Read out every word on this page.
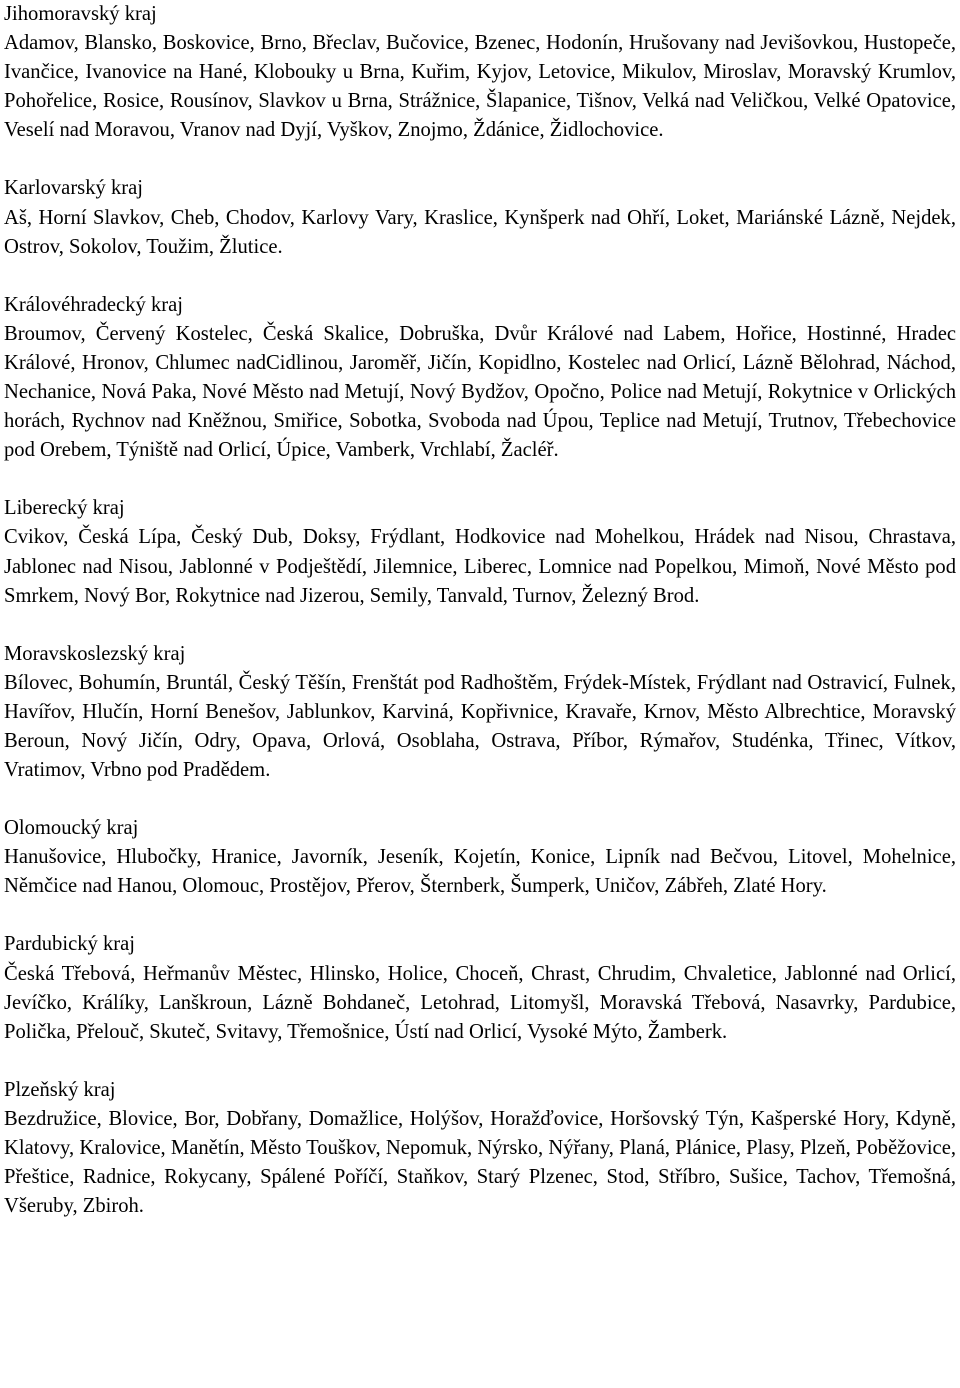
Jihomoravský kraj

Adamov, Blansko, Boskovice, Brno, Břeclav, Bučovice, Bzenec, Hodonín, Hrušovany nad Jevišovkou, Hustopeče, Ivančice, Ivanovice na Hané, Klobouky u Brna, Kuřim, Kyjov, Letovice, Mikulov, Miroslav, Moravský Krumlov, Pohořelice, Rosice, Rousínov, Slavkov u Brna, Strážnice, Šlapanice, Tišnov, Velká nad Veličkou, Velké Opatovice, Veselí nad Moravou, Vranov nad Dyjí, Vyškov, Znojmo, Ždánice, Židlochovice.

Karlovarský kraj

Aš, Horní Slavkov, Cheb, Chodov, Karlovy Vary, Kraslice, Kynšperk nad Ohří, Loket, Mariánské Lázně, Nejdek, Ostrov, Sokolov, Toužim, Žlutice.

Královéhradecký kraj

Broumov, Červený Kostelec, Česká Skalice, Dobruška, Dvůr Králové nad Labem, Hořice, Hostinné, Hradec Králové, Hronov, Chlumec nadCidlinou, Jaroměř, Jičín, Kopidlno, Kostelec nad Orlicí, Lázně Bělohrad, Náchod, Nechanice, Nová Paka, Nové Město nad Metují, Nový Bydžov, Opočno, Police nad Metují, Rokytnice v Orlických horách, Rychnov nad Kněžnou, Smiřice, Sobotka, Svoboda nad Úpou, Teplice nad Metují, Trutnov, Třebechovice pod Orebem, Týniště nad Orlicí, Úpice, Vamberk, Vrchlabí, Žacléř.

Liberecký kraj

Cvikov, Česká Lípa, Český Dub, Doksy, Frýdlant, Hodkovice nad Mohelkou, Hrádek nad Nisou, Chrastava, Jablonec nad Nisou, Jablonné v Podještědí, Jilemnice, Liberec, Lomnice nad Popelkou, Mimoň, Nové Město pod Smrkem, Nový Bor, Rokytnice nad Jizerou, Semily, Tanvald, Turnov, Železný Brod.

Moravskoslezský kraj

Bílovec, Bohumín, Bruntál, Český Těšín, Frenštát pod Radhoštěm, Frýdek-Místek, Frýdlant nad Ostravicí, Fulnek, Havířov, Hlučín, Horní Benešov, Jablunkov, Karviná, Kopřivnice, Kravaře, Krnov, Město Albrechtice, Moravský Beroun, Nový Jičín, Odry, Opava, Orlová, Osoblaha, Ostrava, Příbor, Rýmařov, Studénka, Třinec, Vítkov, Vratimov, Vrbno pod Pradědem.

Olomoucký kraj

Hanušovice, Hlubočky, Hranice, Javorník, Jeseník, Kojetín, Konice, Lipník nad Bečvou, Litovel, Mohelnice, Němčice nad Hanou, Olomouc, Prostějov, Přerov, Šternberk, Šumperk, Uničov, Zábřeh, Zlaté Hory.

Pardubický kraj

Česká Třebová, Heřmanův Městec, Hlinsko, Holice, Choceň, Chrast, Chrudim, Chvaletice, Jablonné nad Orlicí, Jevíčko, Králíky, Lanškroun, Lázně Bohdaneč, Letohrad, Litomyšl, Moravská Třebová, Nasavrky, Pardubice, Polička, Přelouč, Skuteč, Svitavy, Třemošnice, Ústí nad Orlicí, Vysoké Mýto, Žamberk.

Plzeňský kraj

Bezdružice, Blovice, Bor, Dobřany, Domažlice, Holýšov, Horažďovice, Horšovský Týn, Kašperské Hory, Kdyně, Klatovy, Kralovice, Manětín, Město Touškov, Nepomuk, Nýrsko, Nýřany, Planá, Plánice, Plasy, Plzeň, Poběžovice, Přeštice, Radnice, Rokycany, Spálené Poříčí, Staňkov, Starý Plzenec, Stod, Stříbro, Sušice, Tachov, Třemošná, Všeruby, Zbiroh.
